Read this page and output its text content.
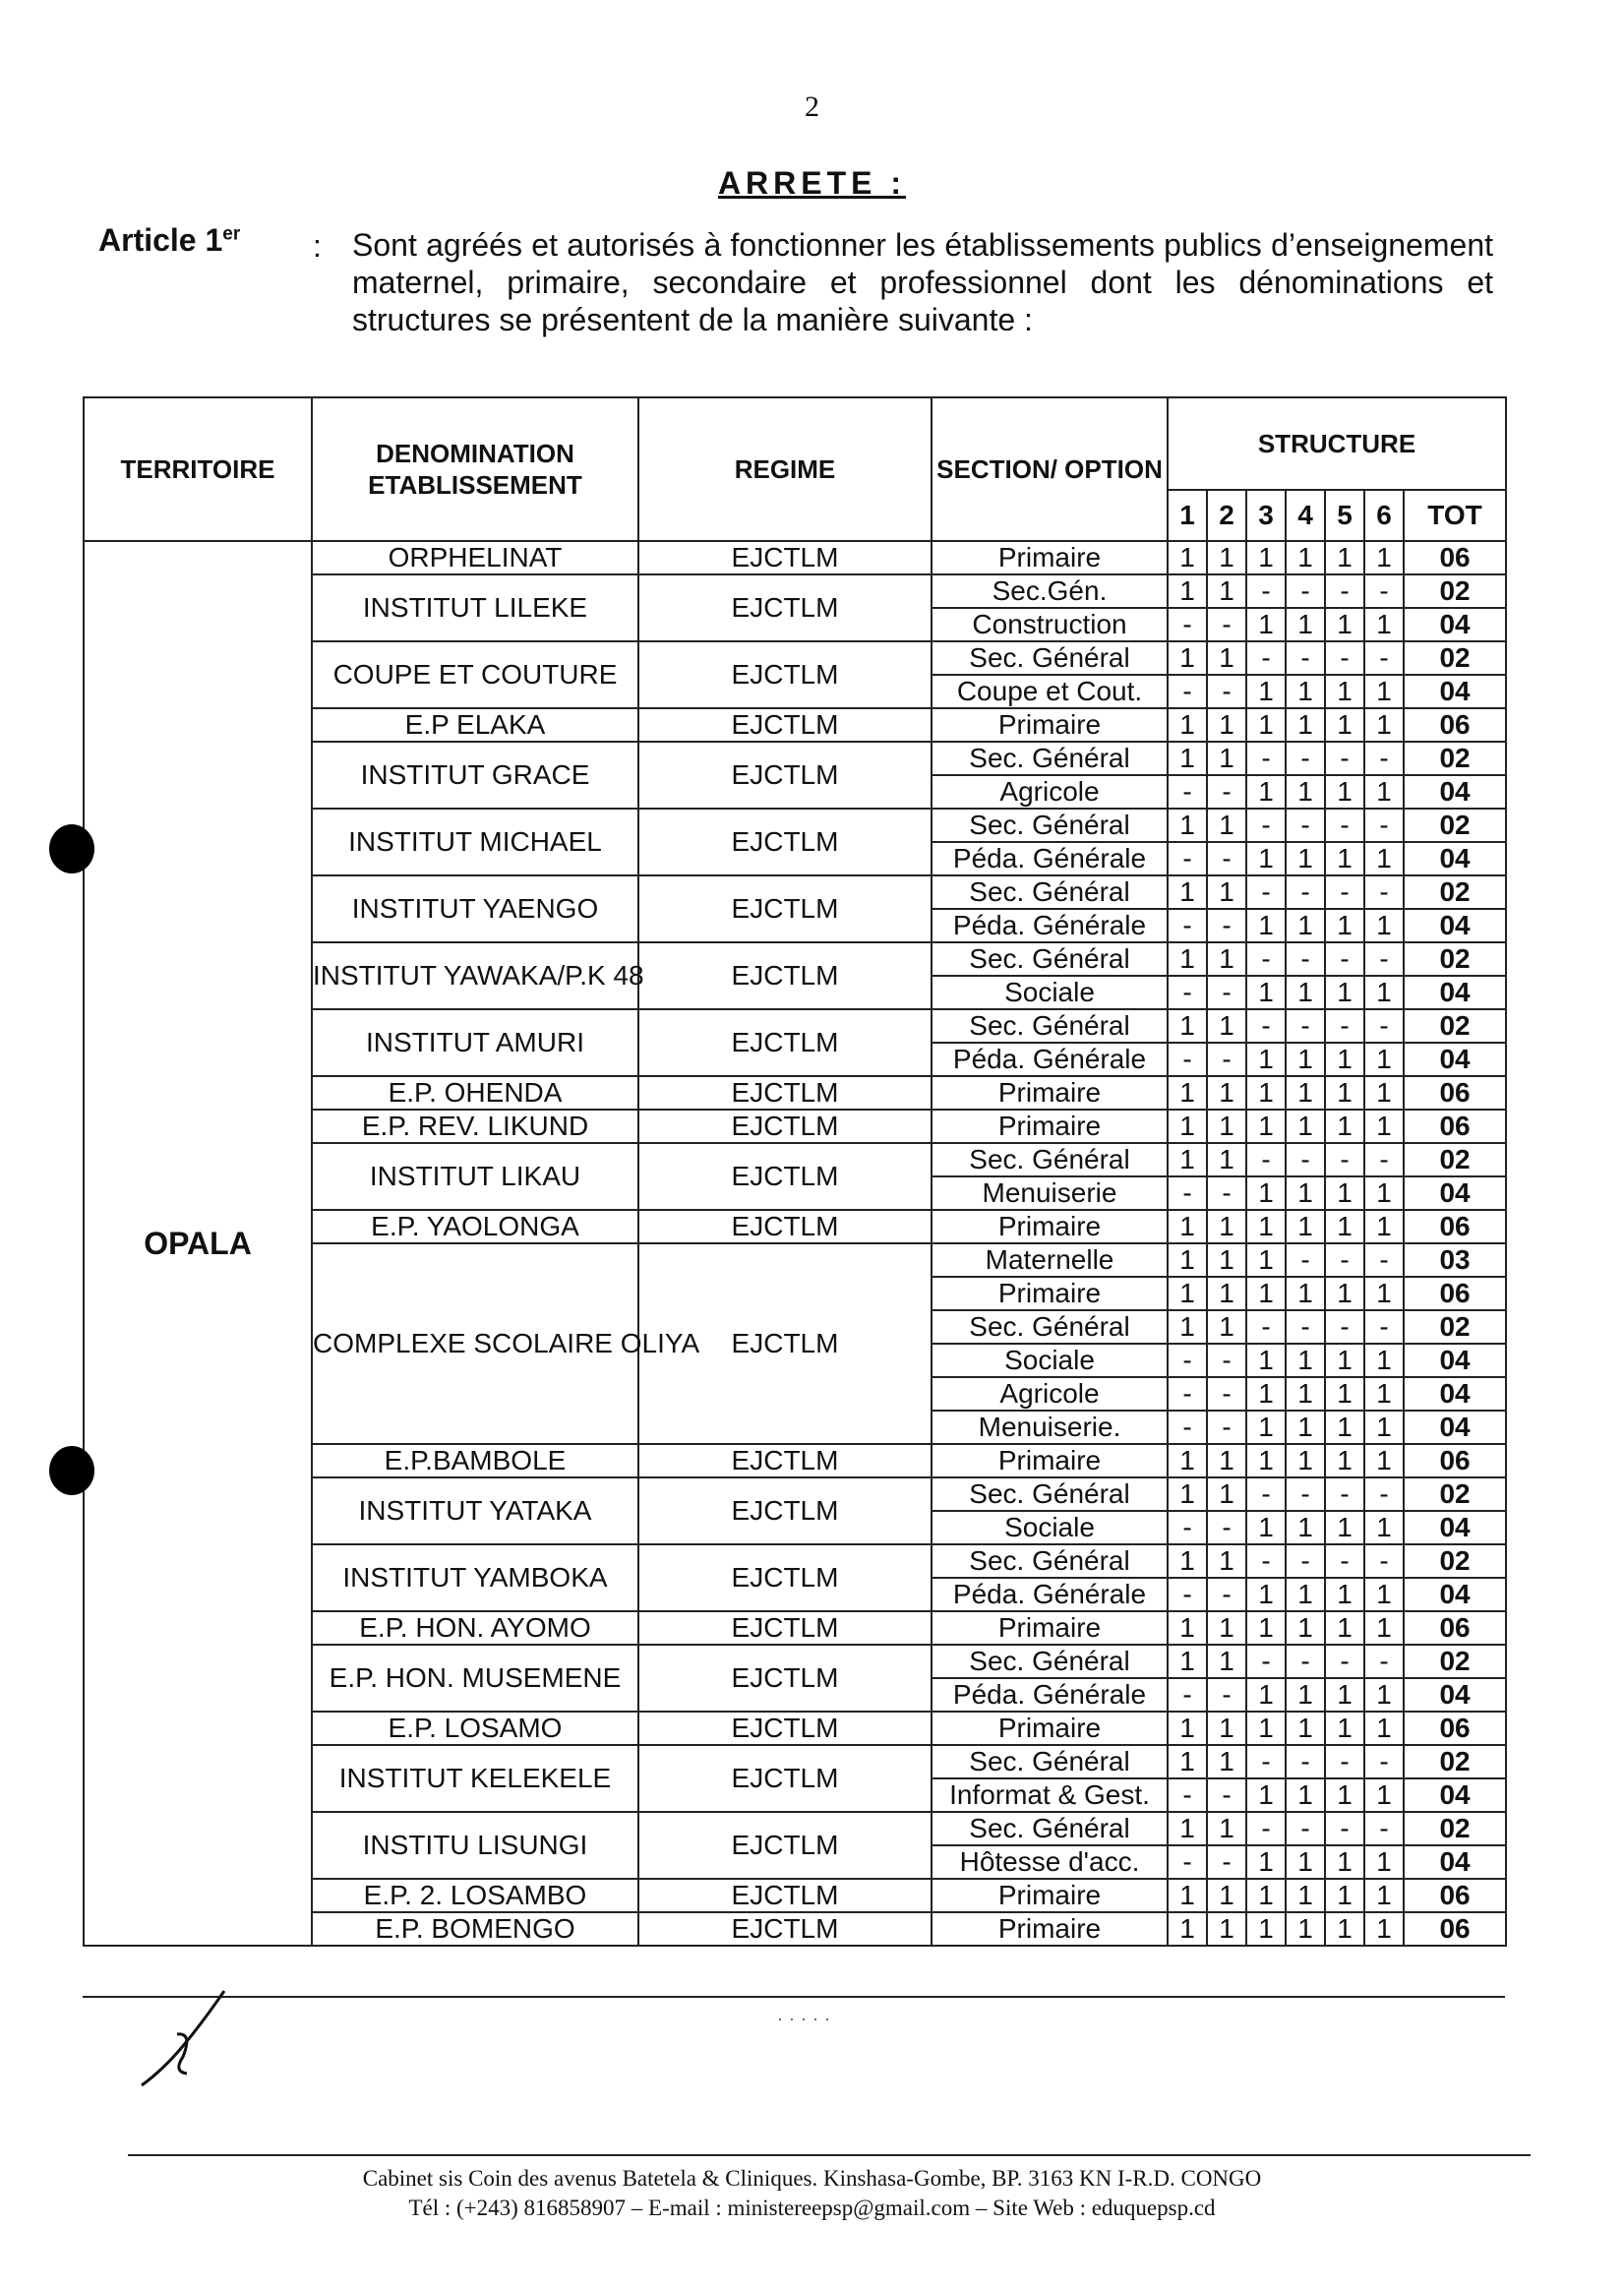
2
ARRETE :
Article 1er : Sont agréés et autorisés à fonctionner les établissements publics d’enseignement maternel, primaire, secondaire et professionnel dont les dénominations et structures se présentent de la manière suivante :
TERRITOIRE	DENOMINATION ETABLISSEMENT	REGIME	SECTION/ OPTION	STRUCTURE						
				1	2	3	4	5	6	TOT
OPALA	ORPHELINAT	EJCTLM	Primaire	1	1	1	1	1	1	06
	INSTITUT LILEKE	EJCTLM	Sec.Gén.	1	1	-	-	-	-	02
			Construction	-	-	1	1	1	1	04
	COUPE ET COUTURE	EJCTLM	Sec. Général	1	1	-	-	-	-	02
			Coupe et Cout.	-	-	1	1	1	1	04
	E.P ELAKA	EJCTLM	Primaire	1	1	1	1	1	1	06
	INSTITUT GRACE	EJCTLM	Sec. Général	1	1	-	-	-	-	02
			Agricole	-	-	1	1	1	1	04
	INSTITUT MICHAEL	EJCTLM	Sec. Général	1	1	-	-	-	-	02
			Péda. Générale	-	-	1	1	1	1	04
	INSTITUT YAENGO	EJCTLM	Sec. Général	1	1	-	-	-	-	02
			Péda. Générale	-	-	1	1	1	1	04
	INSTITUT YAWAKA/P.K 48	EJCTLM	Sec. Général	1	1	-	-	-	-	02
			Sociale	-	-	1	1	1	1	04
	INSTITUT AMURI	EJCTLM	Sec. Général	1	1	-	-	-	-	02
			Péda. Générale	-	-	1	1	1	1	04
	E.P. OHENDA	EJCTLM	Primaire	1	1	1	1	1	1	06
	E.P. REV. LIKUND	EJCTLM	Primaire	1	1	1	1	1	1	06
	INSTITUT LIKAU	EJCTLM	Sec. Général	1	1	-	-	-	-	02
			Menuiserie	-	-	1	1	1	1	04
	E.P. YAOLONGA	EJCTLM	Primaire	1	1	1	1	1	1	06
	COMPLEXE SCOLAIRE OLIYA	EJCTLM	Maternelle	1	1	1	-	-	-	03
			Primaire	1	1	1	1	1	1	06
			Sec. Général	1	1	-	-	-	-	02
			Sociale	-	-	1	1	1	1	04
			Agricole	-	-	1	1	1	1	04
			Menuiserie.	-	-	1	1	1	1	04
	E.P.BAMBOLE	EJCTLM	Primaire	1	1	1	1	1	1	06
	INSTITUT YATAKA	EJCTLM	Sec. Général	1	1	-	-	-	-	02
			Sociale	-	-	1	1	1	1	04
	INSTITUT YAMBOKA	EJCTLM	Sec. Général	1	1	-	-	-	-	02
			Péda. Générale	-	-	1	1	1	1	04
	E.P. HON. AYOMO	EJCTLM	Primaire	1	1	1	1	1	1	06
	E.P. HON. MUSEMENE	EJCTLM	Sec. Général	1	1	-	-	-	-	02
			Péda. Générale	-	-	1	1	1	1	04
	E.P. LOSAMO	EJCTLM	Primaire	1	1	1	1	1	1	06
	INSTITUT KELEKELE	EJCTLM	Sec. Général	1	1	-	-	-	-	02
			Informat & Gest.	-	-	1	1	1	1	04
	INSTITU LISUNGI	EJCTLM	Sec. Général	1	1	-	-	-	-	02
			Hôtesse d'acc.	-	-	1	1	1	1	04
	E.P. 2. LOSAMBO	EJCTLM	Primaire	1	1	1	1	1	1	06
	E.P. BOMENGO	EJCTLM	Primaire	1	1	1	1	1	1	06
·····
Cabinet sis Coin des avenus Batetela & Cliniques. Kinshasa-Gombe, BP. 3163 KN I-R.D. CONGO
Tél : (+243) 816858907 – E-mail : ministereepsp@gmail.com – Site Web : eduquepsp.cd
